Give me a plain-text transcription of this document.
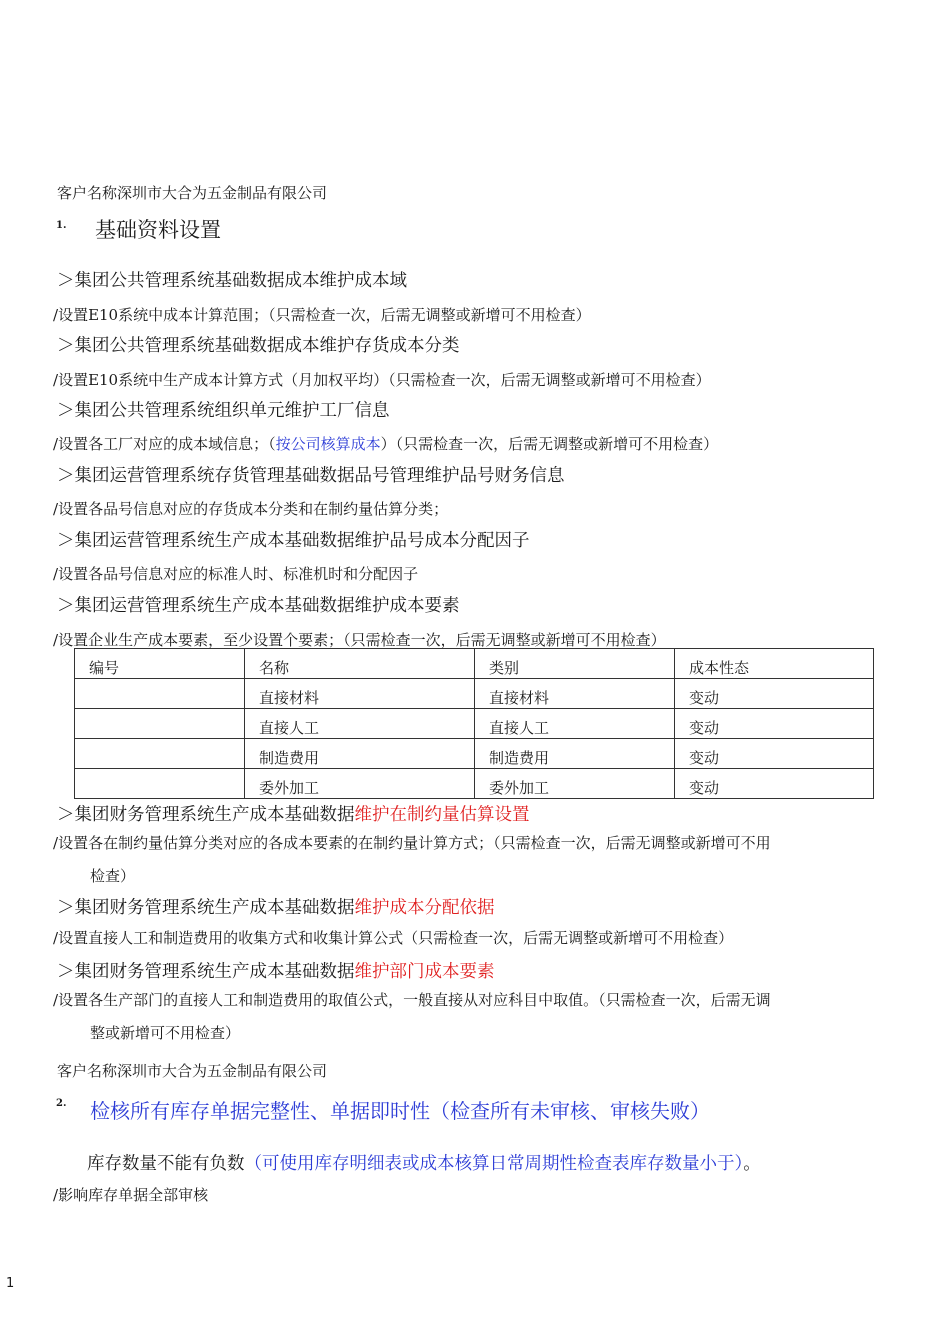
客户名称深圳市大合为五金制品有限公司
1. 基础资料设置
＞集团公共管理系统基础数据成本维护成本域
/设置E10系统中成本计算范围；（只需检查一次，后需无调整或新增可不用检查）
＞集团公共管理系统基础数据成本维护存货成本分类
/设置E10系统中生产成本计算方式（月加权平均）（只需检查一次，后需无调整或新增可不用检查）
＞集团公共管理系统组织单元维护工厂信息
/设置各工厂对应的成本域信息；（按公司核算成本）（只需检查一次，后需无调整或新增可不用检查）
＞集团运营管理系统存货管理基础数据品号管理维护品号财务信息
/设置各品号信息对应的存货成本分类和在制约量估算分类；
＞集团运营管理系统生产成本基础数据维护品号成本分配因子
/设置各品号信息对应的标准人时、标准机时和分配因子
＞集团运营管理系统生产成本基础数据维护成本要素
/设置企业生产成本要素，至少设置个要素；（只需检查一次，后需无调整或新增可不用检查）
编号	名称	类别	成本性态
	直接材料	直接材料	变动
	直接人工	直接人工	变动
	制造费用	制造费用	变动
	委外加工	委外加工	变动
＞集团财务管理系统生产成本基础数据维护在制约量估算设置
/设置各在制约量估算分类对应的各成本要素的在制约量计算方式；（只需检查一次，后需无调整或新增可不用
检查）
＞集团财务管理系统生产成本基础数据维护成本分配依据
/设置直接人工和制造费用的收集方式和收集计算公式（只需检查一次，后需无调整或新增可不用检查）
＞集团财务管理系统生产成本基础数据维护部门成本要素
/设置各生产部门的直接人工和制造费用的取值公式，一般直接从对应科目中取值。（只需检查一次，后需无调
整或新增可不用检查）
客户名称深圳市大合为五金制品有限公司
2. 检核所有库存单据完整性、单据即时性（检查所有未审核、审核失败）
库存数量不能有负数（可使用库存明细表或成本核算日常周期性检查表库存数量小于）。
/影响库存单据全部审核
1
